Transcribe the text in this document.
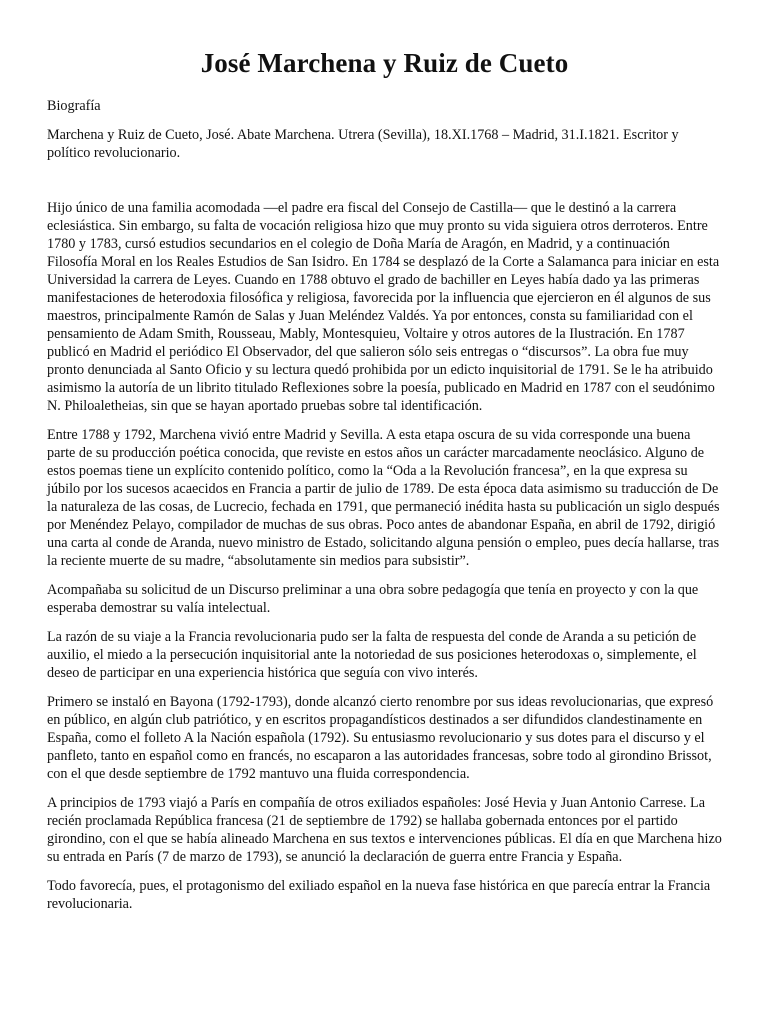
José Marchena y Ruiz de Cueto
Biografía

Marchena y Ruiz de Cueto, José. Abate Marchena. Utrera (Sevilla), 18.XI.1768 – Madrid, 31.I.1821. Escritor y político revolucionario.

Hijo único de una familia acomodada —el padre era fiscal del Consejo de Castilla— que le destinó a la carrera eclesiástica. Sin embargo, su falta de vocación religiosa hizo que muy pronto su vida siguiera otros derroteros. Entre 1780 y 1783, cursó estudios secundarios en el colegio de Doña María de Aragón, en Madrid, y a continuación Filosofía Moral en los Reales Estudios de San Isidro. En 1784 se desplazó de la Corte a Salamanca para iniciar en esta Universidad la carrera de Leyes. Cuando en 1788 obtuvo el grado de bachiller en Leyes había dado ya las primeras manifestaciones de heterodoxia filosófica y religiosa, favorecida por la influencia que ejercieron en él algunos de sus maestros, principalmente Ramón de Salas y Juan Meléndez Valdés. Ya por entonces, consta su familiaridad con el pensamiento de Adam Smith, Rousseau, Mably, Montesquieu, Voltaire y otros autores de la Ilustración. En 1787 publicó en Madrid el periódico El Observador, del que salieron sólo seis entregas o “discursos”. La obra fue muy pronto denunciada al Santo Oficio y su lectura quedó prohibida por un edicto inquisitorial de 1791. Se le ha atribuido asimismo la autoría de un librito titulado Reflexiones sobre la poesía, publicado en Madrid en 1787 con el seudónimo N. Philoaletheias, sin que se hayan aportado pruebas sobre tal identificación.

Entre 1788 y 1792, Marchena vivió entre Madrid y Sevilla. A esta etapa oscura de su vida corresponde una buena parte de su producción poética conocida, que reviste en estos años un carácter marcadamente neoclásico. Alguno de estos poemas tiene un explícito contenido político, como la “Oda a la Revolución francesa”, en la que expresa su júbilo por los sucesos acaecidos en Francia a partir de julio de 1789. De esta época data asimismo su traducción de De la naturaleza de las cosas, de Lucrecio, fechada en 1791, que permaneció inédita hasta su publicación un siglo después por Menéndez Pelayo, compilador de muchas de sus obras. Poco antes de abandonar España, en abril de 1792, dirigió una carta al conde de Aranda, nuevo ministro de Estado, solicitando alguna pensión o empleo, pues decía hallarse, tras la reciente muerte de su madre, “absolutamente sin medios para subsistir”.

Acompañaba su solicitud de un Discurso preliminar a una obra sobre pedagogía que tenía en proyecto y con la que esperaba demostrar su valía intelectual.

La razón de su viaje a la Francia revolucionaria pudo ser la falta de respuesta del conde de Aranda a su petición de auxilio, el miedo a la persecución inquisitorial ante la notoriedad de sus posiciones heterodoxas o, simplemente, el deseo de participar en una experiencia histórica que seguía con vivo interés.

Primero se instaló en Bayona (1792-1793), donde alcanzó cierto renombre por sus ideas revolucionarias, que expresó en público, en algún club patriótico, y en escritos propagandísticos destinados a ser difundidos clandestinamente en España, como el folleto A la Nación española (1792). Su entusiasmo revolucionario y sus dotes para el discurso y el panfleto, tanto en español como en francés, no escaparon a las autoridades francesas, sobre todo al girondino Brissot, con el que desde septiembre de 1792 mantuvo una fluida correspondencia.

A principios de 1793 viajó a París en compañía de otros exiliados españoles: José Hevia y Juan Antonio Carrese. La recién proclamada República francesa (21 de septiembre de 1792) se hallaba gobernada entonces por el partido girondino, con el que se había alineado Marchena en sus textos e intervenciones públicas. El día en que Marchena hizo su entrada en París (7 de marzo de 1793), se anunció la declaración de guerra entre Francia y España.

Todo favorecía, pues, el protagonismo del exiliado español en la nueva fase histórica en que parecía entrar la Francia revolucionaria.
